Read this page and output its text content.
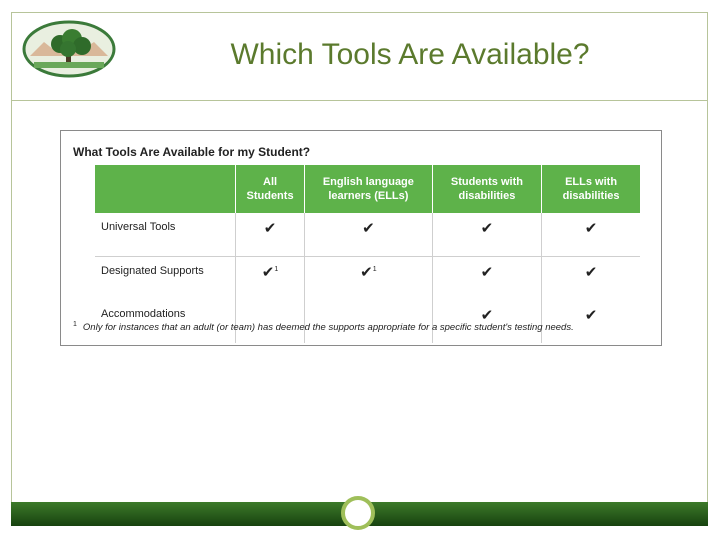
Which Tools Are Available?
What Tools Are Available for my Student?
	All Students	English language learners (ELLs)	Students with disabilities	ELLs with disabilities
Universal Tools	✔	✔	✔	✔
Designated Supports	✔$^1$	✔$^1$	✔	✔
Accommodations			✔	✔
$^1$ Only for instances that an adult (or team) has deemed the supports appropriate for a specific student's testing needs.
